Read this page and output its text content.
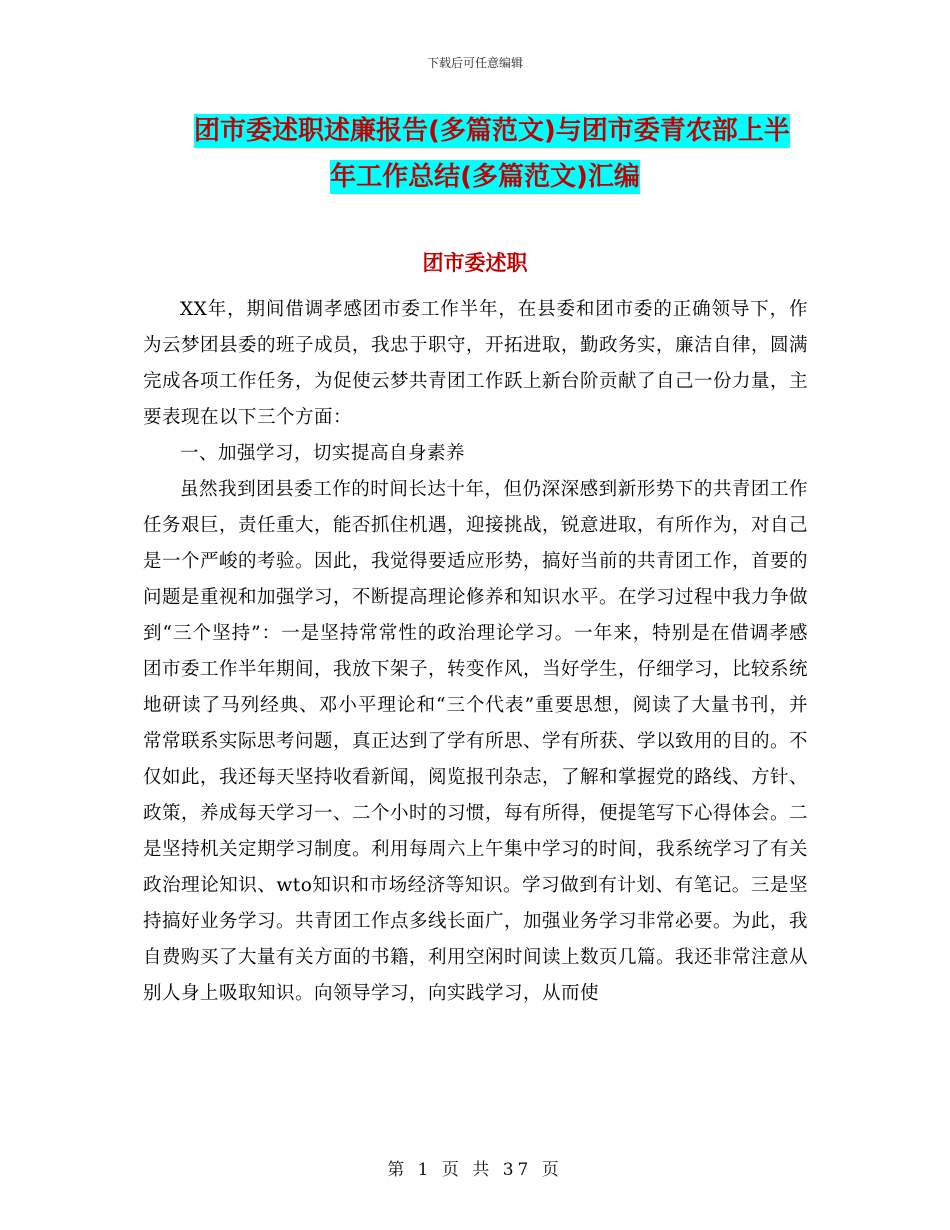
下载后可任意编辑
团市委述职述廉报告(多篇范文)与团市委青农部上半
年工作总结(多篇范文)汇编
团市委述职

XX年，期间借调孝感团市委工作半年，在县委和团市委的正确领导下，作为云梦团县委的班子成员，我忠于职守，开拓进取，勤政务实，廉洁自律，圆满完成各项工作任务，为促使云梦共青团工作跃上新台阶贡献了自己一份力量，主要表现在以下三个方面：

一、加强学习，切实提高自身素养

虽然我到团县委工作的时间长达十年，但仍深深感到新形势下的共青团工作任务艰巨，责任重大，能否抓住机遇，迎接挑战，锐意进取，有所作为，对自己是一个严峻的考验。因此，我觉得要适应形势，搞好当前的共青团工作，首要的问题是重视和加强学习，不断提高理论修养和知识水平。在学习过程中我力争做到“三个坚持”：一是坚持常常性的政治理论学习。一年来，特别是在借调孝感团市委工作半年期间，我放下架子，转变作风，当好学生，仔细学习，比较系统地研读了马列经典、邓小平理论和“三个代表”重要思想，阅读了大量书刊，并常常联系实际思考问题，真正达到了学有所思、学有所获、学以致用的目的。不仅如此，我还每天坚持收看新闻，阅览报刊杂志，了解和掌握党的路线、方针、政策，养成每天学习一、二个小时的习惯，每有所得，便提笔写下心得体会。二是坚持机关定期学习制度。利用每周六上午集中学习的时间，我系统学习了有关政治理论知识、wto知识和市场经济等知识。学习做到有计划、有笔记。三是坚持搞好业务学习。共青团工作点多线长面广，加强业务学习非常必要。为此，我自费购买了大量有关方面的书籍，利用空闲时间读上数页几篇。我还非常注意从别人身上吸取知识。向领导学习，向实践学习，从而使

第 1 页 共 37 页
